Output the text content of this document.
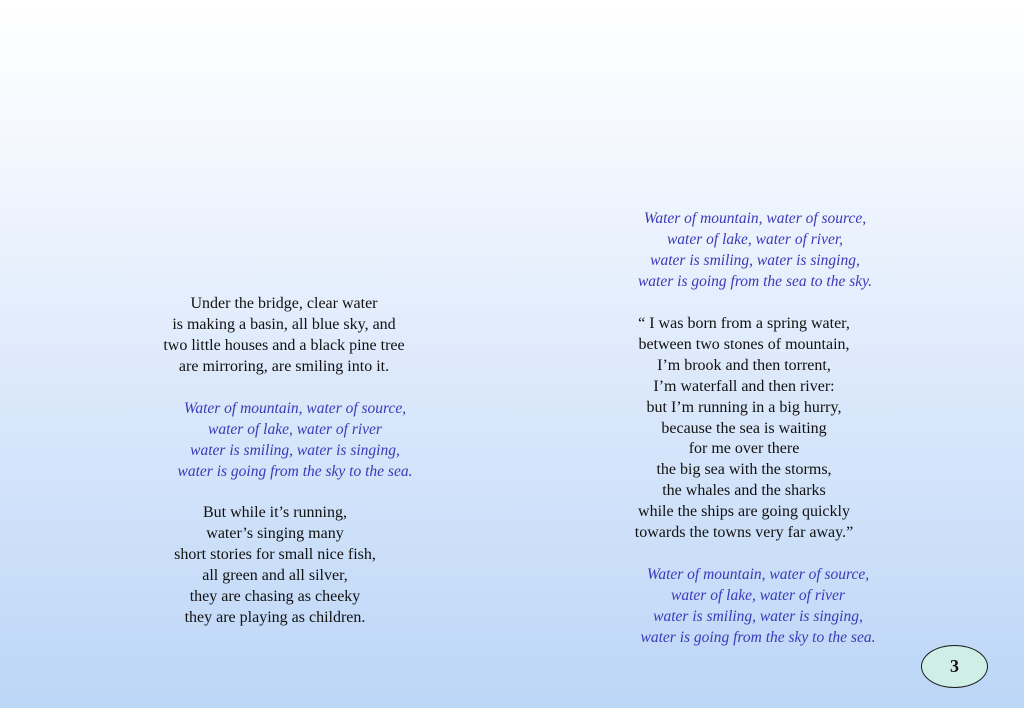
Under the bridge, clear water
is making a basin, all blue sky, and
two little houses and a black pine tree
are mirroring, are smiling into it.
Water of mountain, water of source,
water of lake, water of river
water is smiling, water is singing,
water is going from the sky to the sea.
But while it’s running,
water’s singing many
short stories for small nice fish,
all green and all silver,
they are chasing as cheeky
they are playing as children.
Water of mountain, water of source,
water of lake, water of river,
water is smiling, water is singing,
water is going from the sea to the sky.
“ I was born from a spring water,
between two stones of mountain,
I’m brook and then torrent,
I’m waterfall and then river:
but I’m running in a big hurry,
because the sea is waiting
for me over there
the big sea with the storms,
the whales and the sharks
while the ships are going quickly
towards the towns very far away.”
Water of mountain, water of source,
water of lake, water of river
water is smiling, water is singing,
water is going from the sky to the sea.
3
